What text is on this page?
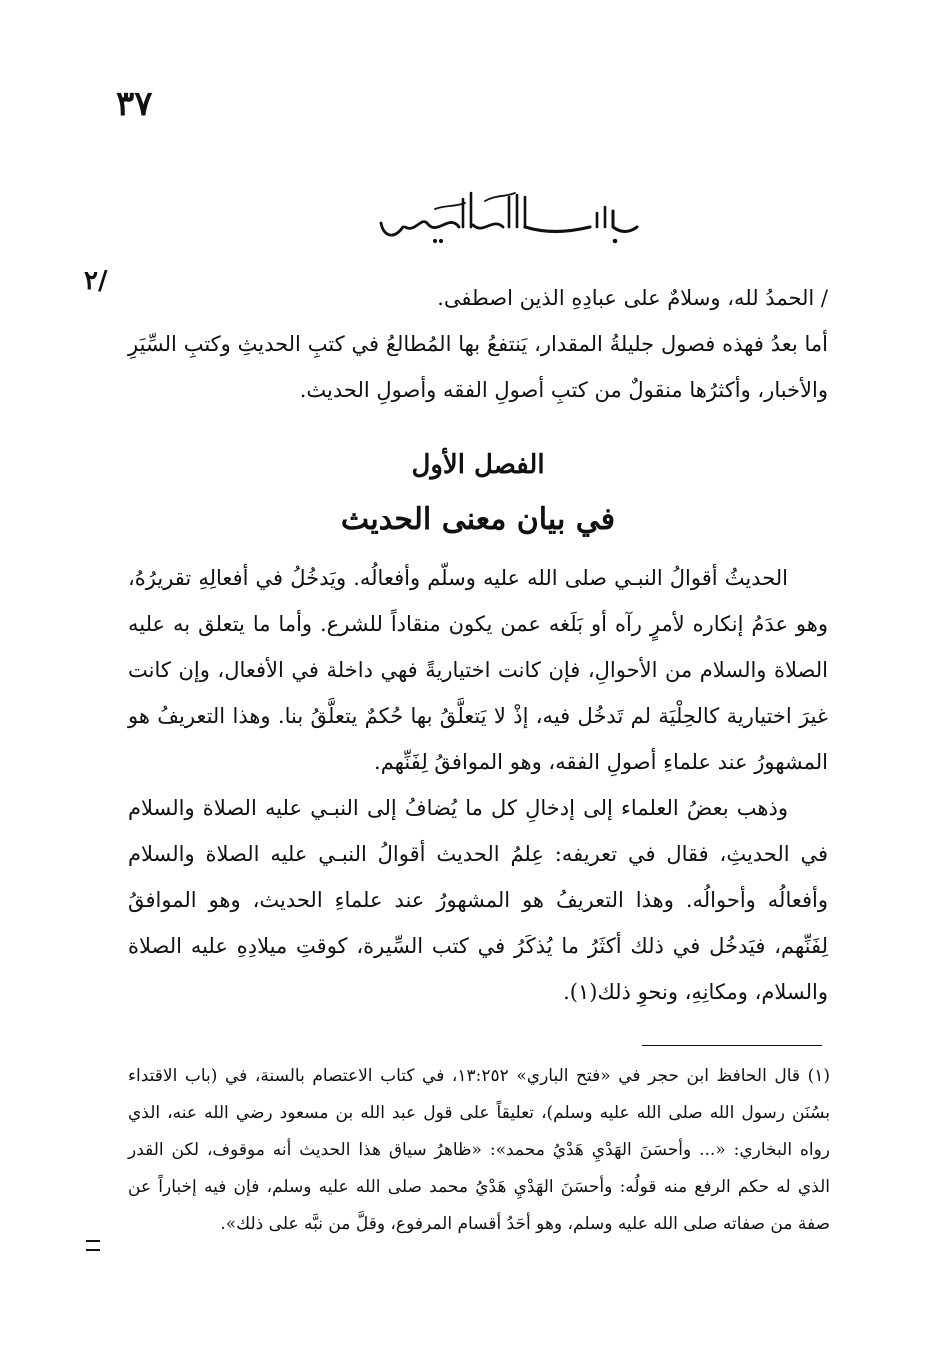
٣٧
٢/

/ الحمدُ لله، وسلامٌ على عبادِهِ الذين اصطفى.

أما بعدُ فهذه فصول جليلةُ المقدار، يَنتفعُ بها المُطالعُ في كتبِ الحديثِ وكتبِ السِّيَرِ والأخبار، وأكثرُها منقولٌ من كتبِ أصولِ الفقه وأصولِ الحديث.

الفصل الأول
في بيان معنى الحديث

الحديثُ أقوالُ النبـي صلى الله عليه وسلّم وأفعالُه. ويَدخُلُ في أفعالِهِ تقريرُهُ، وهو عدَمُ إنكاره لأمرٍ رآه أو بَلَغه عمن يكون منقاداً للشرع. وأما ما يتعلق به عليه الصلاة والسلام من الأحوالِ، فإن كانت اختياريةً فهي داخلة في الأفعال، وإن كانت غيرَ اختيارية كالحِلْيَة لم تَدخُل فيه، إذْ لا يَتعلَّقُ بها حُكمٌ يتعلَّقُ بنا. وهذا التعريفُ هو المشهورُ عند علماءِ أصولِ الفقه، وهو الموافقُ لِفَنِّهم.

وذهب بعضُ العلماء إلى إدخالِ كل ما يُضافُ إلى النبـي عليه الصلاة والسلام في الحديثِ، فقال في تعريفه: عِلمُ الحديث أقوالُ النبـي عليه الصلاة والسلام وأفعالُه وأحوالُه. وهذا التعريفُ هو المشهورُ عند علماءِ الحديث، وهو الموافقُ لِفَنِّهم، فيَدخُل في ذلك أكثَرُ ما يُذكَرُ في كتب السِّيرة، كوقتِ ميلادِهِ عليه الصلاة والسلام، ومكانِهِ، ونحوِ ذلك(١).

(١) قال الحافظ ابن حجر في «فتح الباري» ١٣:٢٥٢، في كتاب الاعتصام بالسنة، في (باب الاقتداء بسُنَن رسول الله صلى الله عليه وسلم)، تعليقاً على قول عبد الله بن مسعود رضي الله عنه، الذي رواه البخاري: «... وأحسَنَ الهَدْيِ هَدْيُ محمد»: «ظاهرُ سياق هذا الحديث أنه موقوف، لكن القدر الذي له حكم الرفع منه قولُه: وأحسَنَ الهَدْيِ هَدْيُ محمد صلى الله عليه وسلم، فإن فيه إخباراً عن صفة من صفاته صلى الله عليه وسلم، وهو أحَدُ أقسام المرفوع، وقلَّ من نبَّه على ذلك».
